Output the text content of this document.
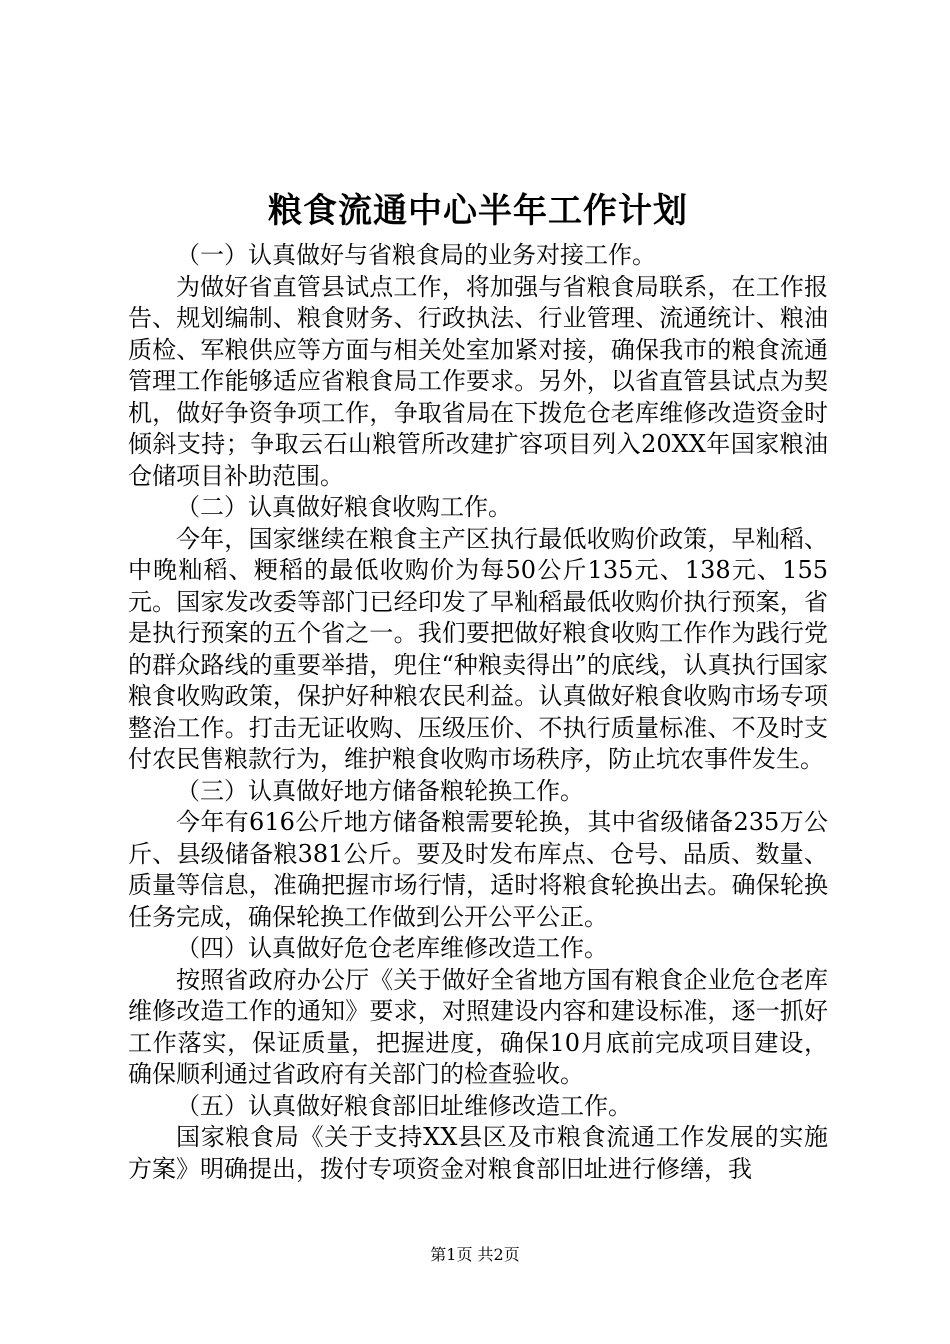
粮食流通中心半年工作计划

（一）认真做好与省粮食局的业务对接工作。

为做好省直管县试点工作，将加强与省粮食局联系，在工作报告、规划编制、粮食财务、行政执法、行业管理、流通统计、粮油质检、军粮供应等方面与相关处室加紧对接，确保我市的粮食流通管理工作能够适应省粮食局工作要求。另外，以省直管县试点为契机，做好争资争项工作，争取省局在下拨危仓老库维修改造资金时倾斜支持；争取云石山粮管所改建扩容项目列入20XX年国家粮油仓储项目补助范围。

（二）认真做好粮食收购工作。

今年，国家继续在粮食主产区执行最低收购价政策，早籼稻、中晚籼稻、粳稻的最低收购价为每50公斤135元、138元、155元。国家发改委等部门已经印发了早籼稻最低收购价执行预案，省是执行预案的五个省之一。我们要把做好粮食收购工作作为践行党的群众路线的重要举措，兜住“种粮卖得出”的底线，认真执行国家粮食收购政策，保护好种粮农民利益。认真做好粮食收购市场专项整治工作。打击无证收购、压级压价、不执行质量标准、不及时支付农民售粮款行为，维护粮食收购市场秩序，防止坑农事件发生。

（三）认真做好地方储备粮轮换工作。

今年有616公斤地方储备粮需要轮换，其中省级储备235万公斤、县级储备粮381公斤。要及时发布库点、仓号、品质、数量、质量等信息，准确把握市场行情，适时将粮食轮换出去。确保轮换任务完成，确保轮换工作做到公开公平公正。

（四）认真做好危仓老库维修改造工作。

按照省政府办公厅《关于做好全省地方国有粮食企业危仓老库维修改造工作的通知》要求，对照建设内容和建设标准，逐一抓好工作落实，保证质量，把握进度，确保10月底前完成项目建设，确保顺利通过省政府有关部门的检查验收。

（五）认真做好粮食部旧址维修改造工作。

国家粮食局《关于支持XX县区及市粮食流通工作发展的实施方案》明确提出，拨付专项资金对粮食部旧址进行修缮，我

第1页 共2页
